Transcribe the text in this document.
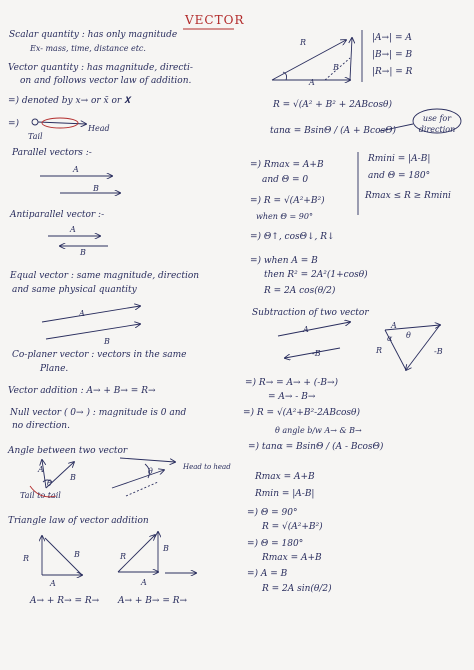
VECTOR
Scalar quantity : has only magnitude
Ex- mass, time, distance etc.
Vector quantity : has magnitude, directi-
on and follows vector law of addition.
=) denoted by x→ or x̄ or 𝐗
=)
Tail
Head
Parallel vectors :-
A
B
Antiparallel vector :-
A
B
Equal vector : same magnitude, direction
and same physical quantity
A
B
Co-planer vector : vectors in the same
Plane.
Vector addition : A→ + B→ = R→
Null vector ( 0→ ) : magnitude is 0 and
no direction.
Angle between two vector
Tail to tail
Head to head
A
B
θ
θ
Triangle law of vector addition
R	B
A
R
B
A
A→ + R→ = R→ A→ + B→ = R→
|A→| = A
|B→| = B
|R→| = R
R
B
A
R = √(A² + B² + 2ABcosθ)
tanα = BsinΘ / (A + BcosΘ)
use for direction
=) Rmax = A+B
and Θ = 0
Rmini = |A-B|
and Θ = 180°
=) R = √(A²+B²)
when Θ = 90°
Rmax ≤ R ≥ Rmini
=) Θ↑, cosΘ↓, R↓
=) when A = B
then R² = 2A²(1+cosθ)
R = 2A cos(θ/2)
Subtraction of two vector
A
-B
A
-B
R
θ
α
=) R→ = A→ + (-B→)
= A→ - B→
=) R = √(A²+B²-2ABcosθ)
θ angle b/w A→ & B→
=) tanα = BsinΘ / (A - BcosΘ)
Rmax = A+B
Rmin = |A-B|
=) Θ = 90°
R = √(A²+B²)
=) Θ = 180°
Rmax = A+B
=) A = B
R = 2A sin(θ/2)
